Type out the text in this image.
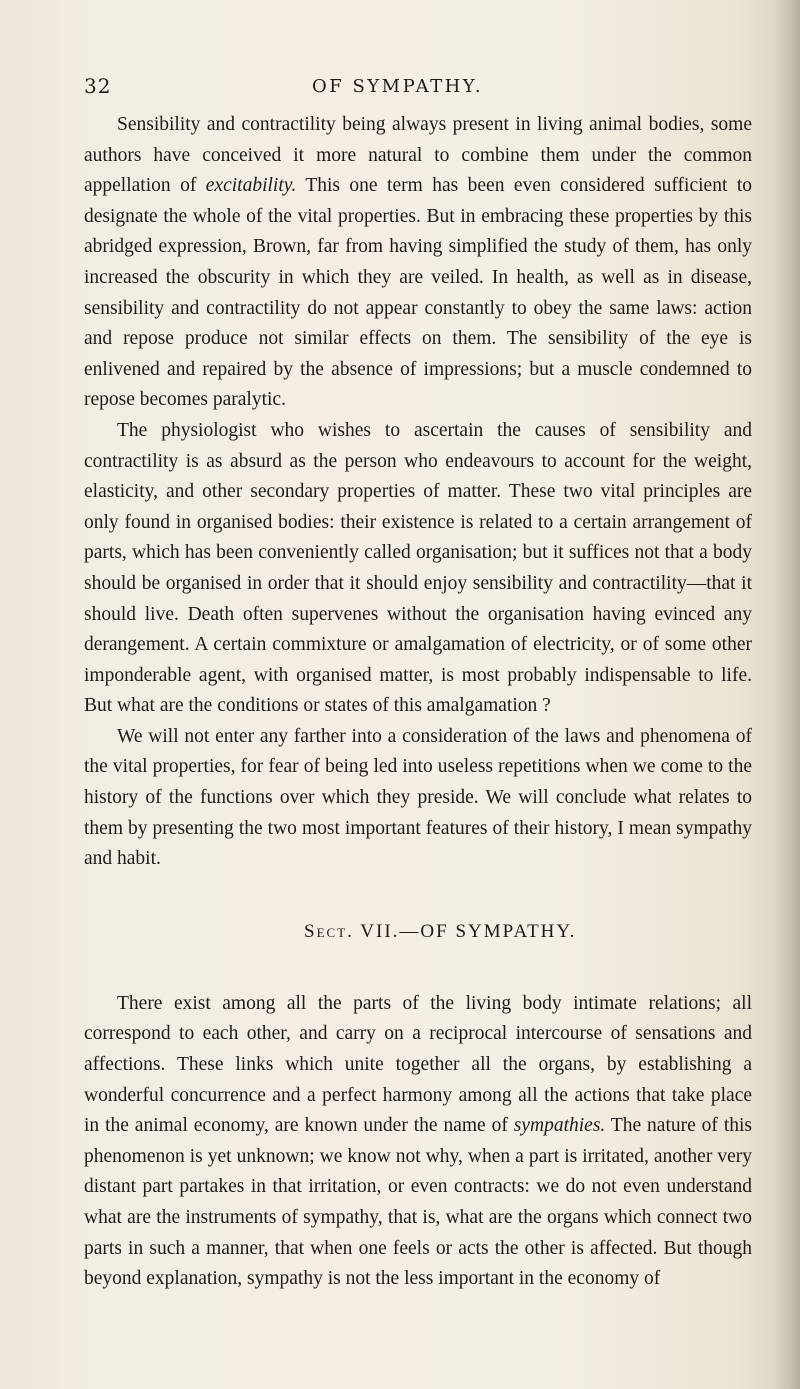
32	OF SYMPATHY.

Sensibility and contractility being always present in living animal bodies, some authors have conceived it more natural to combine them under the common appellation of excitability. This one term has been even considered sufficient to designate the whole of the vital properties. But in embracing these properties by this abridged expression, Brown, far from having simplified the study of them, has only increased the obscurity in which they are veiled. In health, as well as in disease, sensibility and contractility do not appear constantly to obey the same laws: action and repose produce not similar effects on them. The sensibility of the eye is enlivened and repaired by the absence of impressions; but a muscle condemned to repose becomes paralytic.

The physiologist who wishes to ascertain the causes of sensibility and contractility is as absurd as the person who endeavours to account for the weight, elasticity, and other secondary properties of matter. These two vital principles are only found in organised bodies: their existence is related to a certain arrangement of parts, which has been conveniently called organisation; but it suffices not that a body should be organised in order that it should enjoy sensibility and contractility—that it should live. Death often supervenes without the organisation having evinced any derangement. A certain commixture or amalgamation of electricity, or of some other imponderable agent, with organised matter, is most probably indispensable to life. But what are the conditions or states of this amalgamation ?

We will not enter any farther into a consideration of the laws and phenomena of the vital properties, for fear of being led into useless repetitions when we come to the history of the functions over which they preside. We will conclude what relates to them by presenting the two most important features of their history, I mean sympathy and habit.

Sect. VII.—OF SYMPATHY.

There exist among all the parts of the living body intimate relations; all correspond to each other, and carry on a reciprocal intercourse of sensations and affections. These links which unite together all the organs, by establishing a wonderful concurrence and a perfect harmony among all the actions that take place in the animal economy, are known under the name of sympathies. The nature of this phenomenon is yet unknown; we know not why, when a part is irritated, another very distant part partakes in that irritation, or even contracts: we do not even understand what are the instruments of sympathy, that is, what are the organs which connect two parts in such a manner, that when one feels or acts the other is affected. But though beyond explanation, sympathy is not the less important in the economy of
